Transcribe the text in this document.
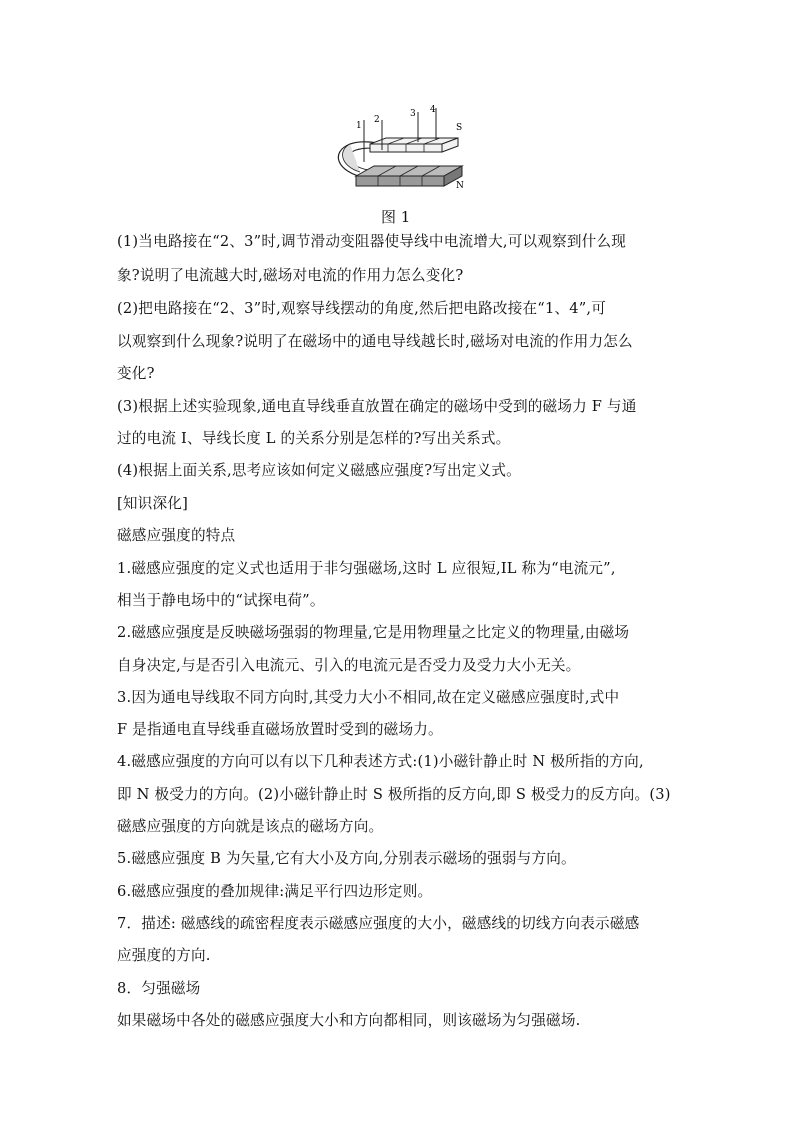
1
2
3 4
S
N
图 1
(1)当电路接在“2、3”时,调节滑动变阻器使导线中电流增大,可以观察到什么现
象?说明了电流越大时,磁场对电流的作用力怎么变化?
(2)把电路接在“2、3”时,观察导线摆动的角度,然后把电路改接在“1、4”,可
以观察到什么现象?说明了在磁场中的通电导线越长时,磁场对电流的作用力怎么
变化?
(3)根据上述实验现象,通电直导线垂直放置在确定的磁场中受到的磁场力 F 与通
过的电流 I、导线长度 L 的关系分别是怎样的?写出关系式。
(4)根据上面关系,思考应该如何定义磁感应强度?写出定义式。
[知识深化]
磁感应强度的特点
1.磁感应强度的定义式也适用于非匀强磁场,这时 L 应很短,IL 称为“电流元”,
相当于静电场中的“试探电荷”。
2.磁感应强度是反映磁场强弱的物理量,它是用物理量之比定义的物理量,由磁场
自身决定,与是否引入电流元、引入的电流元是否受力及受力大小无关。
3.因为通电导线取不同方向时,其受力大小不相同,故在定义磁感应强度时,式中
F 是指通电直导线垂直磁场放置时受到的磁场力。
4.磁感应强度的方向可以有以下几种表述方式:(1)小磁针静止时 N 极所指的方向,
即 N 极受力的方向。(2)小磁针静止时 S 极所指的反方向,即 S 极受力的反方向。(3)
磁感应强度的方向就是该点的磁场方向。
5.磁感应强度 B 为矢量,它有大小及方向,分别表示磁场的强弱与方向。
6.磁感应强度的叠加规律:满足平行四边形定则。
7．描述: 磁感线的疏密程度表示磁感应强度的大小，磁感线的切线方向表示磁感
应强度的方向.
8．匀强磁场
如果磁场中各处的磁感应强度大小和方向都相同，则该磁场为匀强磁场.
